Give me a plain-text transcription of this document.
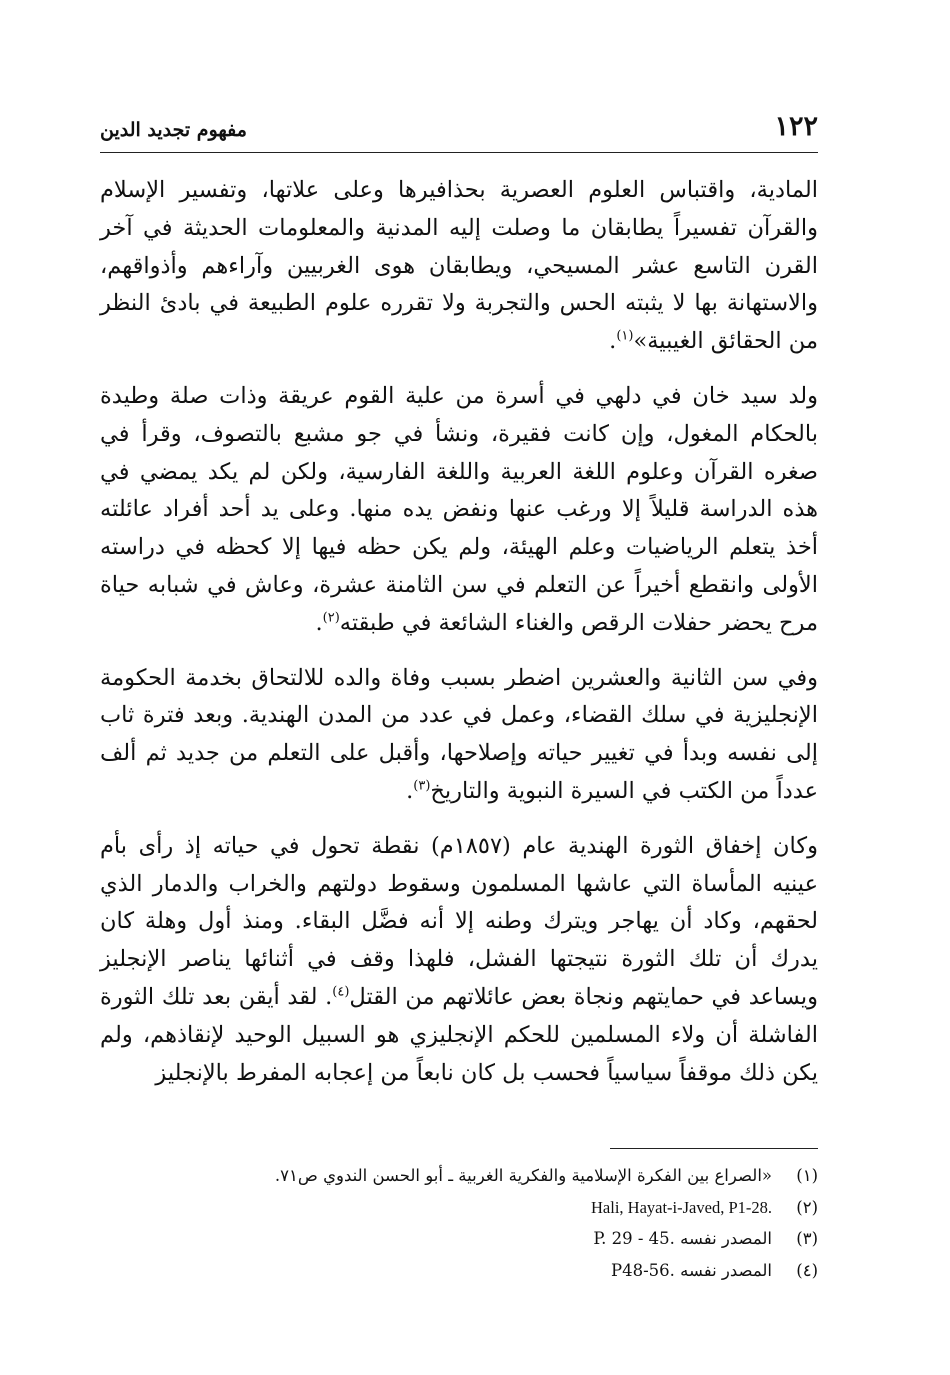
١٢٢
مفهوم تجديد الدين

المادية، واقتباس العلوم العصرية بحذافيرها وعلى علاتها، وتفسير الإسلام والقرآن تفسيراً يطابقان ما وصلت إليه المدنية والمعلومات الحديثة في آخر القرن التاسع عشر المسيحي، ويطابقان هوى الغربيين وآراءهم وأذواقهم، والاستهانة بها لا يثبته الحس والتجربة ولا تقرره علوم الطبيعة في بادئ النظر من الحقائق الغيبية»$^{(١)}$.

ولد سيد خان في دلهي في أسرة من علية القوم عريقة وذات صلة وطيدة بالحكام المغول، وإن كانت فقيرة، ونشأ في جو مشبع بالتصوف، وقرأ في صغره القرآن وعلوم اللغة العربية واللغة الفارسية، ولكن لم يكد يمضي في هذه الدراسة قليلاً إلا ورغب عنها ونفض يده منها. وعلى يد أحد أفراد عائلته أخذ يتعلم الرياضيات وعلم الهيئة، ولم يكن حظه فيها إلا كحظه في دراسته الأولى وانقطع أخيراً عن التعلم في سن الثامنة عشرة، وعاش في شبابه حياة مرح يحضر حفلات الرقص والغناء الشائعة في طبقته$^{(٢)}$.

وفي سن الثانية والعشرين اضطر بسبب وفاة والده للالتحاق بخدمة الحكومة الإنجليزية في سلك القضاء، وعمل في عدد من المدن الهندية. وبعد فترة ثاب إلى نفسه وبدأ في تغيير حياته وإصلاحها، وأقبل على التعلم من جديد ثم ألف عدداً من الكتب في السيرة النبوية والتاريخ$^{(٣)}$.

وكان إخفاق الثورة الهندية عام (١٨٥٧م) نقطة تحول في حياته إذ رأى بأم عينيه المأساة التي عاشها المسلمون وسقوط دولتهم والخراب والدمار الذي لحقهم، وكاد أن يهاجر ويترك وطنه إلا أنه فضَّل البقاء. ومنذ أول وهلة كان يدرك أن تلك الثورة نتيجتها الفشل، فلهذا وقف في أثنائها يناصر الإنجليز ويساعد في حمايتهم ونجاة بعض عائلاتهم من القتل$^{(٤)}$. لقد أيقن بعد تلك الثورة الفاشلة أن ولاء المسلمين للحكم الإنجليزي هو السبيل الوحيد لإنقاذهم، ولم يكن ذلك موقفاً سياسياً فحسب بل كان نابعاً من إعجابه المفرط بالإنجليز

(١)
«الصراع بين الفكرة الإسلامية والفكرية الغربية ـ أبو الحسن الندوي ص٧١.
(٢)
Hali, Hayat-i-Javed, P1-28.
(٣)
المصدر نفسه .45 - P. 29
(٤)
المصدر نفسه .P48-56
